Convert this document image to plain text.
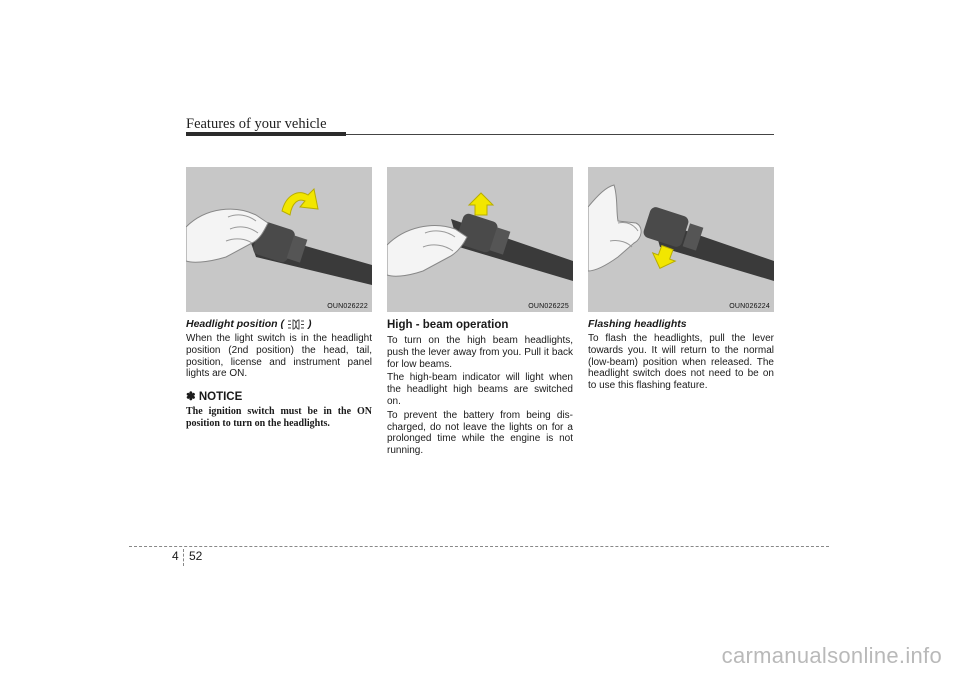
Features of your vehicle
OUN026222	OUN026225	OUN026224

Headlight position ( )

When the light switch is in the headlight position (2nd position) the head, tail, position, license and instrument panel lights are ON.

✽ NOTICE

The ignition switch must be in the ON position to turn on the headlights.

High - beam operation

To turn on the high beam headlights, push the lever away from you. Pull it back for low beams.

The high-beam indicator will light when the headlight high beams are switched on.

To prevent the battery from being dis-charged, do not leave the lights on for a prolonged time while the engine is not running.

Flashing headlights

To flash the headlights, pull the lever towards you. It will return to the normal (low-beam) position when released. The headlight switch does not need to be on to use this flashing feature.

4 52
carmanualsonline.info
